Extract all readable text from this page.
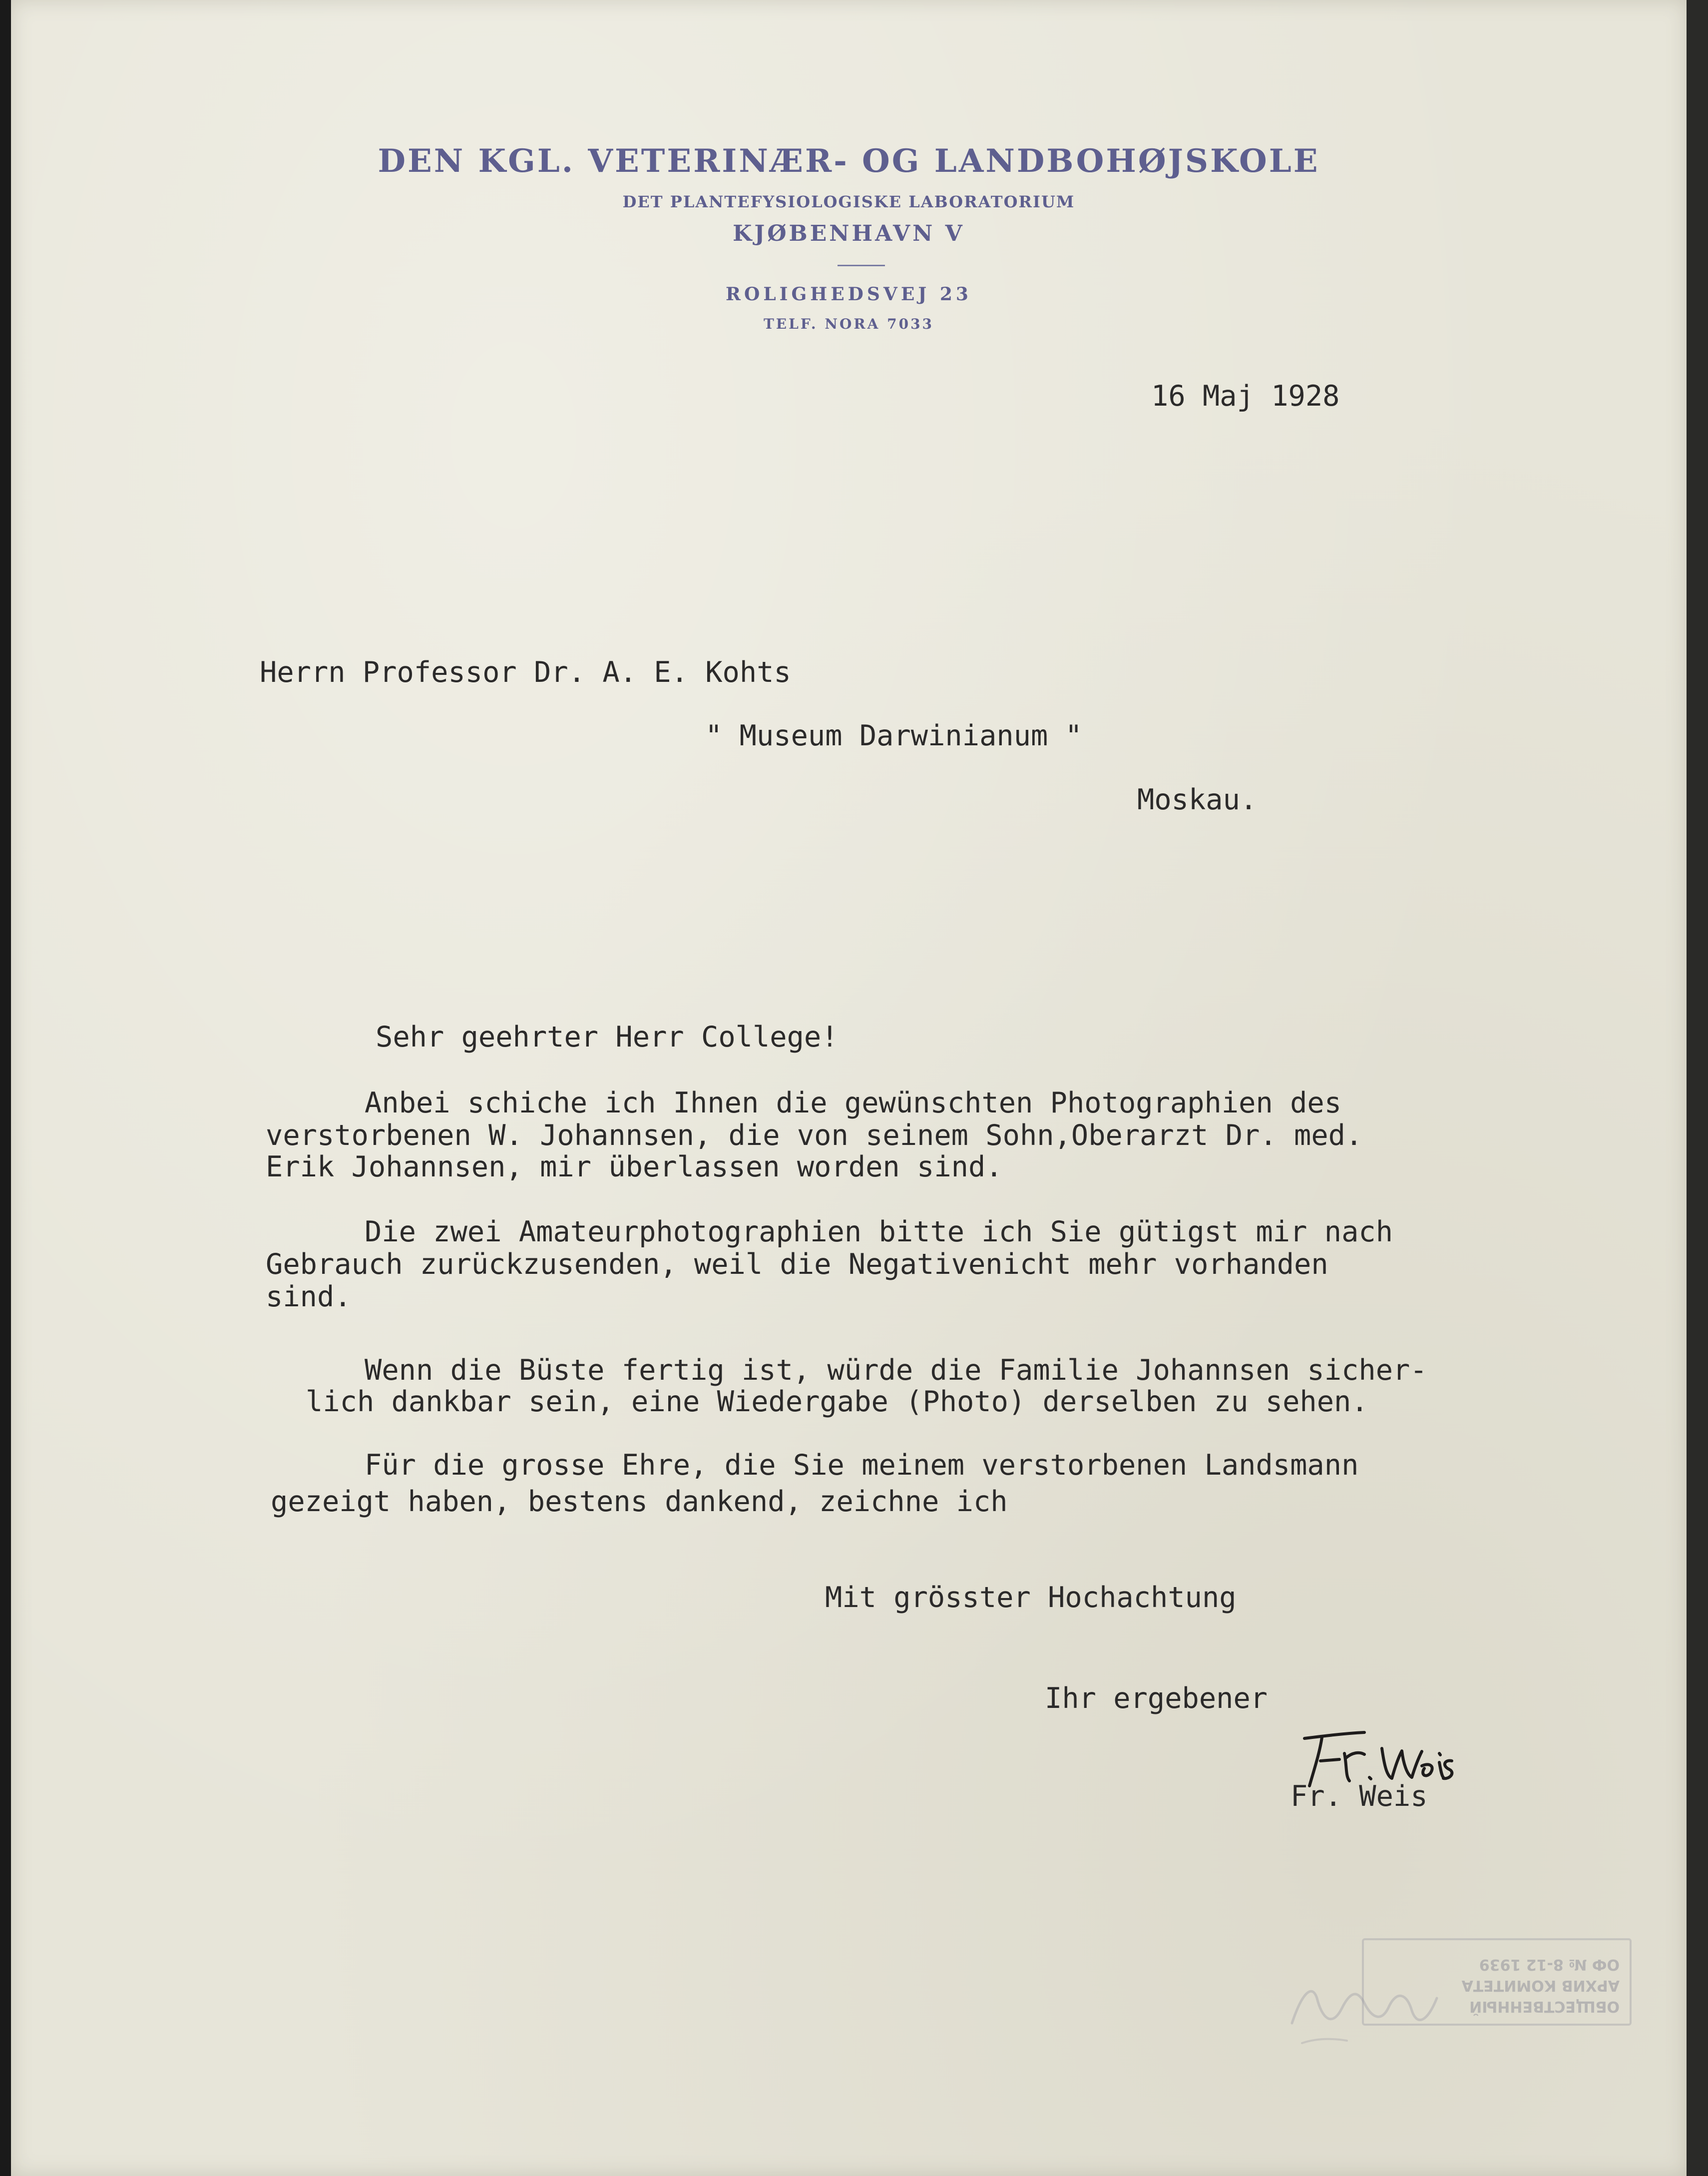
DEN KGL. VETERINÆR- OG LANDBOHØJSKOLE
DET PLANTEFYSIOLOGISKE LABORATORIUM
KJØBENHAVN V
ROLIGHEDSVEJ 23
TELF. NORA 7033
16 Maj 1928
Herrn Professor Dr. A. E. Kohts
" Museum Darwinianum "
Moskau.
Sehr geehrter Herr College!
Anbei schiche ich Ihnen die gewünschten Photographien des
verstorbenen W. Johannsen, die von seinem Sohn,Oberarzt Dr. med.
Erik Johannsen, mir überlassen worden sind.
Die zwei Amateurphotographien bitte ich Sie gütigst mir nach
Gebrauch zurückzusenden, weil die Negativenicht mehr vorhanden
sind.
Wenn die Büste fertig ist, würde die Familie Johannsen sicher-
lich dankbar sein, eine Wiedergabe (Photo) derselben zu sehen.
Für die grosse Ehre, die Sie meinem verstorbenen Landsmann
gezeigt haben, bestens dankend, zeichne ich
Mit grösster Hochachtung
Ihr ergebener
Fr. Weis
ОБЩЕСТВЕННЫЙ
АРХИВ КОМИТЕТА
ОФ № 8-12 1939
